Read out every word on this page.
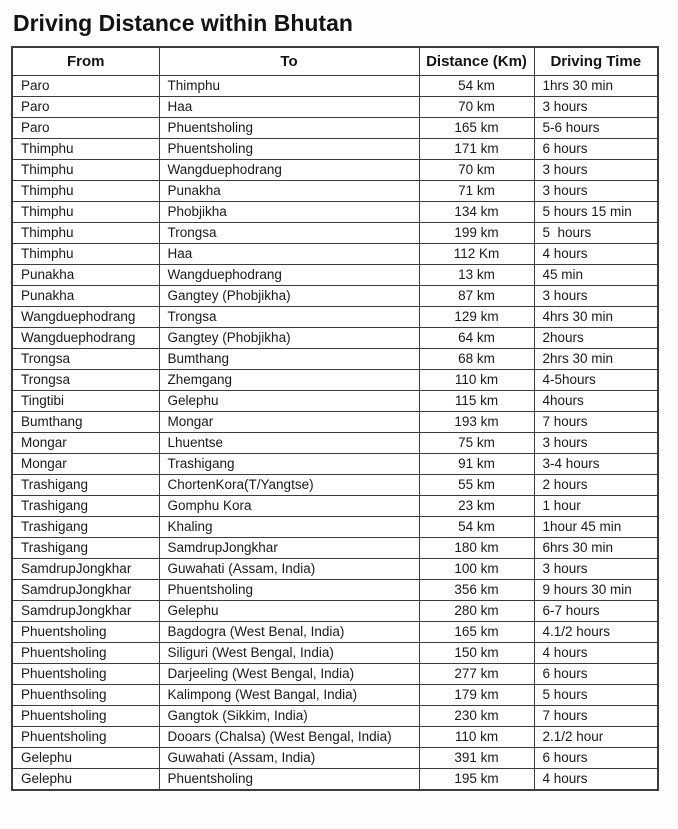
Driving Distance within Bhutan
From	To	Distance (Km)	Driving Time
Paro	Thimphu	54 km	1hrs 30 min
Paro	Haa	70 km	3 hours
Paro	Phuentsholing	165 km	5-6 hours
Thimphu	Phuentsholing	171 km	6 hours
Thimphu	Wangduephodrang	70 km	3 hours
Thimphu	Punakha	71 km	3 hours
Thimphu	Phobjikha	134 km	5 hours 15 min
Thimphu	Trongsa	199 km	5  hours
Thimphu	Haa	112 Km	4 hours
Punakha	Wangduephodrang	13 km	45 min
Punakha	Gangtey (Phobjikha)	87 km	3 hours
Wangduephodrang	Trongsa	129 km	4hrs 30 min
Wangduephodrang	Gangtey (Phobjikha)	64 km	2hours
Trongsa	Bumthang	68 km	2hrs 30 min
Trongsa	Zhemgang	110 km	4-5hours
Tingtibi	Gelephu	115 km	4hours
Bumthang	Mongar	193 km	7 hours
Mongar	Lhuentse	75 km	3 hours
Mongar	Trashigang	91 km	3-4 hours
Trashigang	ChortenKora(T/Yangtse)	55 km	2 hours
Trashigang	Gomphu Kora	23 km	1 hour
Trashigang	Khaling	54 km	1hour 45 min
Trashigang	SamdrupJongkhar	180 km	6hrs 30 min
SamdrupJongkhar	Guwahati (Assam, India)	100 km	3 hours
SamdrupJongkhar	Phuentsholing	356 km	9 hours 30 min
SamdrupJongkhar	Gelephu	280 km	6-7 hours
Phuentsholing	Bagdogra (West Benal, India)	165 km	4.1/2 hours
Phuentsholing	Siliguri (West Bengal, India)	150 km	4 hours
Phuentsholing	Darjeeling (West Bengal, India)	277 km	6 hours
Phuenthsoling	Kalimpong (West Bangal, India)	179 km	5 hours
Phuentsholing	Gangtok (Sikkim, India)	230 km	7 hours
Phuentsholing	Dooars (Chalsa) (West Bengal, India)	110 km	2.1/2 hour
Gelephu	Guwahati (Assam, India)	391 km	6 hours
Gelephu	Phuentsholing	195 km	4 hours
